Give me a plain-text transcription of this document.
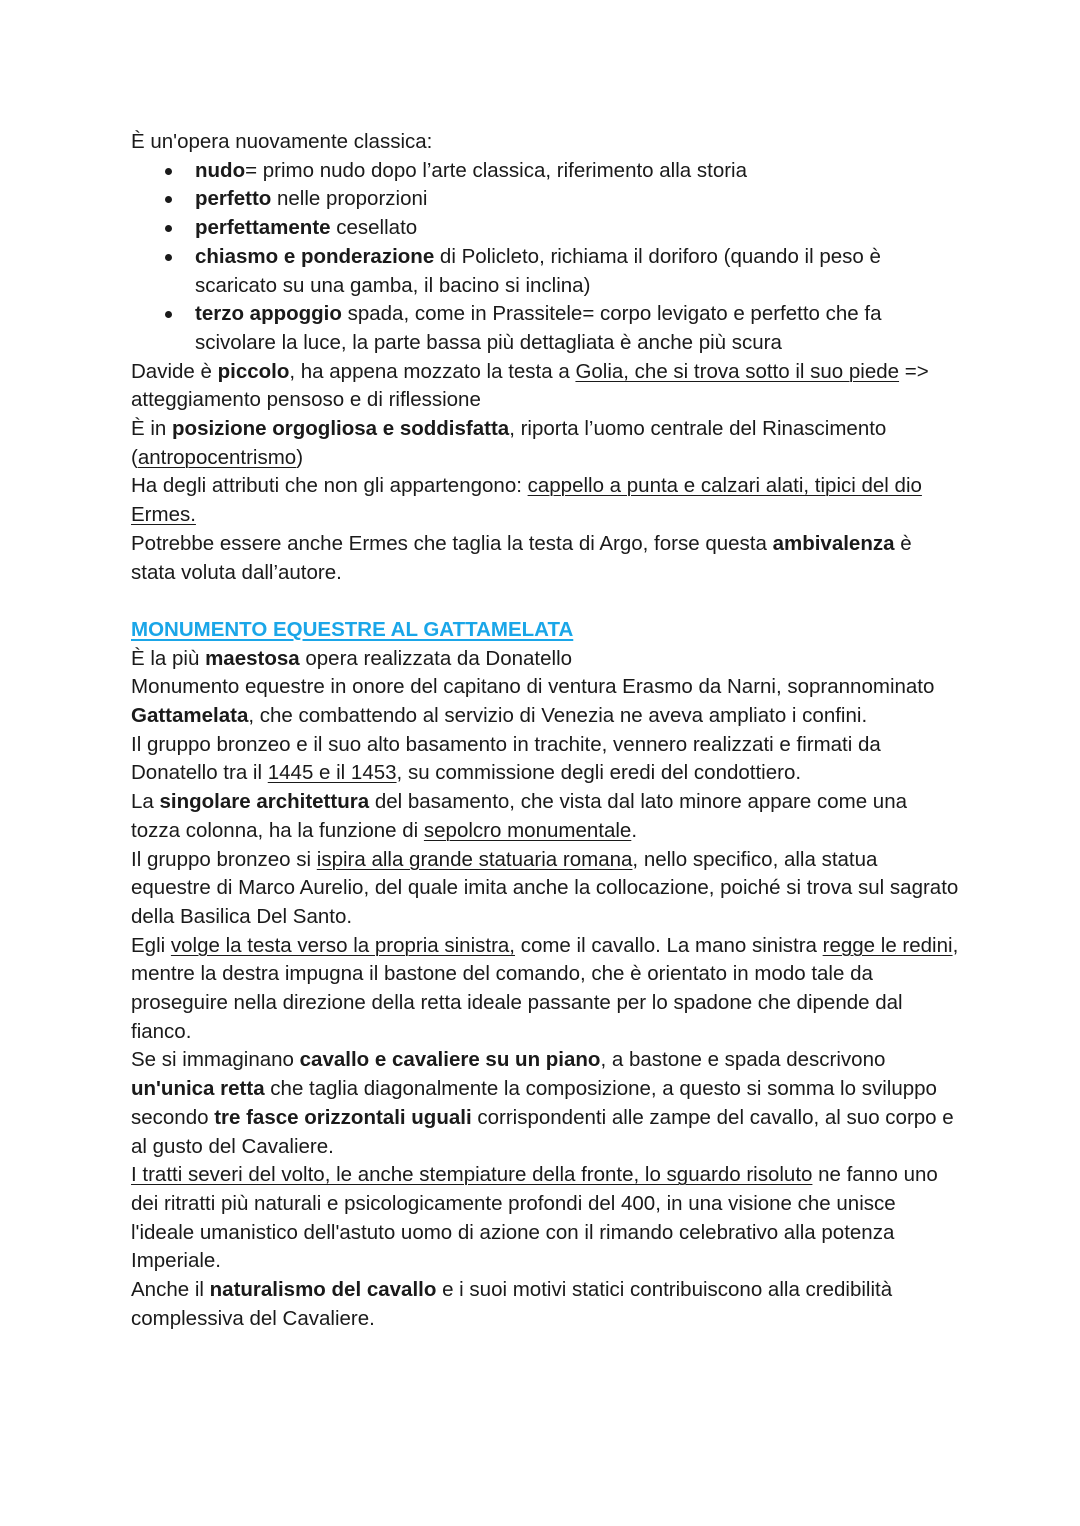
È un'opera nuovamente classica:

nudo= primo nudo dopo l’arte classica, riferimento alla storia
perfetto nelle proporzioni
perfettamente cesellato
chiasmo e ponderazione di Policleto, richiama il doriforo (quando il peso è scaricato su una gamba, il bacino si inclina)
terzo appoggio spada, come in Prassitele= corpo levigato e perfetto che fa scivolare la luce, la parte bassa più dettagliata è anche più scura

Davide è piccolo, ha appena mozzato la testa a Golia, che si trova sotto il suo piede => atteggiamento pensoso e di riflessione

È in posizione orgogliosa e soddisfatta, riporta l’uomo centrale del Rinascimento (antropocentrismo)

Ha degli attributi che non gli appartengono: cappello a punta e calzari alati, tipici del dio Ermes.

Potrebbe essere anche Ermes che taglia la testa di Argo, forse questa ambivalenza è stata voluta dall’autore.

MONUMENTO EQUESTRE AL GATTAMELATA

È la più maestosa opera realizzata da Donatello

Monumento equestre in onore del capitano di ventura Erasmo da Narni, soprannominato Gattamelata, che combattendo al servizio di Venezia ne aveva ampliato i confini.

Il gruppo bronzeo e il suo alto basamento in trachite, vennero realizzati e firmati da Donatello tra il 1445 e il 1453, su commissione degli eredi del condottiero.

La singolare architettura del basamento, che vista dal lato minore appare come una tozza colonna, ha la funzione di sepolcro monumentale.

Il gruppo bronzeo si ispira alla grande statuaria romana, nello specifico, alla statua equestre di Marco Aurelio, del quale imita anche la collocazione, poiché si trova sul sagrato della Basilica Del Santo.

Egli volge la testa verso la propria sinistra, come il cavallo. La mano sinistra regge le redini, mentre la destra impugna il bastone del comando, che è orientato in modo tale da proseguire nella direzione della retta ideale passante per lo spadone che dipende dal fianco.

Se si immaginano cavallo e cavaliere su un piano, a bastone e spada descrivono un'unica retta che taglia diagonalmente la composizione, a questo si somma lo sviluppo secondo tre fasce orizzontali uguali corrispondenti alle zampe del cavallo, al suo corpo e al gusto del Cavaliere.

I tratti severi del volto, le anche stempiature della fronte, lo sguardo risoluto ne fanno uno dei ritratti più naturali e psicologicamente profondi del 400, in una visione che unisce l'ideale umanistico dell'astuto uomo di azione con il rimando celebrativo alla potenza Imperiale.

Anche il naturalismo del cavallo e i suoi motivi statici contribuiscono alla credibilità complessiva del Cavaliere.
